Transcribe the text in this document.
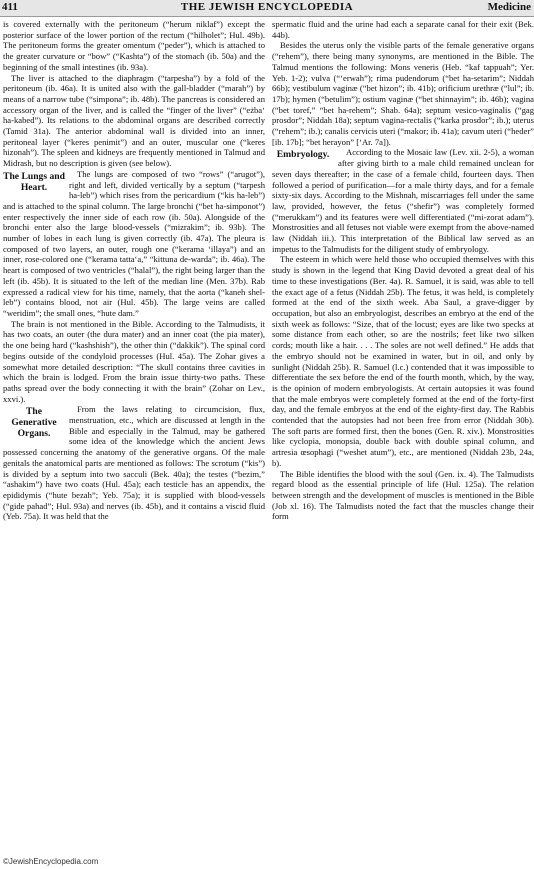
411	THE JEWISH ENCYCLOPEDIA	Medicine

is covered externally with the peritoneum (“herum niklaf”) except the posterior surface of the lower portion of the rectum (“hilholet”; Hul. 49b). The peritoneum forms the greater omentum (“peder”), which is attached to the greater curvature or “bow” (“Kashta”) of the stomach (ib. 50a) and the beginning of the small intestines (ib. 93a).

The liver is attached to the diaphragm (“tarpesha”) by a fold of the peritoneum (ib. 46a). It is united also with the gall-bladder (“marah”) by means of a narrow tube (“simpona”; ib. 48b). The pancreas is considered an accessory organ of the liver, and is called the “finger of the liver” (“eżba‘ ha-kabed”). Its relations to the abdominal organs are described correctly (Tamid 31a). The anterior abdominal wall is divided into an inner, peritoneal layer (“keres penimit”) and an outer, muscular one (“keres hizonah”). The spleen and kidneys are frequently mentioned in Talmud and Midrash, but no description is given (see below).

The Lungs and Heart.

The lungs are composed of two “rows” (“arugot”), right and left, divided vertically by a septum (“tarpesh ha-leb”) which rises from the pericardium (“kis ha-leb”) and is attached to the spinal column. The large bronchi (“bet ha-simponot”) enter respectively the inner side of each row (ib. 50a). Alongside of the bronchi enter also the large blood-vessels (“mizrakim”; ib. 93b). The number of lobes in each lung is given correctly (ib. 47a). The pleura is composed of two layers, an outer, rough one (“kerama ‘illaya”) and an inner, rose-colored one (“kerama tatta‘a,” “kittuna de-warda”; ib. 46a). The heart is composed of two ventricles (“halal”), the right being larger than the left (ib. 45b). It is situated to the left of the median line (Men. 37b). Rab expressed a radical view for his time, namely, that the aorta (“kaneh shel-leb”) contains blood, not air (Hul. 45b). The large veins are called “weridim”; the small ones, “hute dam.”

The brain is not mentioned in the Bible. According to the Talmudists, it has two coats, an outer (the dura mater) and an inner coat (the pia mater), the one being hard (“kashshish”), the other thin (“dakkik”). The spinal cord begins outside of the condyloid processes (Hul. 45a). The Zohar gives a somewhat more detailed description: “The skull contains three cavities in which the brain is lodged. From the brain issue thirty-two paths. These paths spread over the body connecting it with the brain” (Zohar on Lev., xxvi.).

The Generative Organs.

From the laws relating to circumcision, flux, menstruation, etc., which are discussed at length in the Bible and especially in the Talmud, may be gathered some idea of the knowledge which the ancient Jews possessed concerning the anatomy of the generative organs. Of the male genitals the anatomical parts are mentioned as follows: The scrotum (“kis”) is divided by a septum into two sacculi (Bek. 40a); the testes (“bezim,” “ashakim”) have two coats (Hul. 45a); each testicle has an appendix, the epididymis (“hute bezah”; Yeb. 75a); it is supplied with blood-vessels (“gide pahad”; Hul. 93a) and nerves (ib. 45b), and it contains a viscid fluid (Yeb. 75a). It was held that the

spermatic fluid and the urine had each a separate canal for their exit (Bek. 44b).

Besides the uterus only the visible parts of the female generative organs (“rehem”), there being many synonyms, are mentioned in the Bible. The Talmud mentions the following: Mons veneris (Heb. “kaf tappuah”; Yer. Yeb. 1-2); vulva (“‘erwah”); rima pudendorum (“bet ha-setarim”; Niddah 66b); vestibulum vaginæ (“bet hizon”; ib. 41b); orificium urethræ (“lul”; ib. 17b); hymen (“betulim”); ostium vaginæ (“bet shinnayim”; ib. 46b); vagina (“bet toref,” “bet ha-rehem”; Shab. 64a); septum vesico-vaginalis (“gag prosdor”; Niddah 18a); septum vagina-rectalis (“karka prosdor”; ib.); uterus (“rehem”; ib.); canalis cervicis uteri (“makor; ib. 41a); cavum uteri (“heder” [ib. 17b]; “bet herayon” [‘Ar. 7a]).

Embryology.	According to the Mosaic law (Lev. xii. 2-5), a woman after giving birth to a male child remained unclean for seven days thereafter; in the case of a female child, fourteen days. Then followed a period of purification—for a male thirty days, and for a female sixty-six days. According to the Mishnah, miscarriages fell under the same law, provided, however, the fetus (“shefir”) was completely formed (“merukkam”) and its features were well differentiated (“mi-zorat adam”). Monstrosities and all fetuses not viable were exempt from the above-named law (Niddah iii.). This interpretation of the Biblical law served as an impetus to the Talmudists for the diligent study of embryology.

The esteem in which were held those who occupied themselves with this study is shown in the legend that King David devoted a great deal of his time to these investigations (Ber. 4a). R. Samuel, it is said, was able to tell the exact age of a fetus (Niddah 25b). The fetus, it was held, is completely formed at the end of the sixth week. Aba Saul, a grave-digger by occupation, but also an embryologist, describes an embryo at the end of the sixth week as follows: “Size, that of the locust; eyes are like two specks at some distance from each other, so are the nostrils; feet like two silken cords; mouth like a hair. . . . The soles are not well defined.” He adds that the embryo should not be examined in water, but in oil, and only by sunlight (Niddah 25b). R. Samuel (l.c.) contended that it was impossible to differentiate the sex before the end of the fourth month, which, by the way, is the opinion of modern embryologists. At certain autopsies it was found that the male embryos were completely formed at the end of the forty-first day, and the female embryos at the end of the eighty-first day. The Rabbis contended that the autopsies had not been free from error (Niddah 30b). The soft parts are formed first, then the bones (Gen. R. xiv.). Monstrosities like cyclopia, monopsia, double back with double spinal column, and artresia œsophagi (“weshet atum”), etc., are mentioned (Niddah 23b, 24a, b).

The Bible identifies the blood with the soul (Gen. ix. 4). The Talmudists regard blood as the essential principle of life (Hul. 125a). The relation between strength and the development of muscles is mentioned in the Bible (Job xl. 16). The Talmudists noted the fact that the muscles change their form

©JewishEncyclopedia.com
